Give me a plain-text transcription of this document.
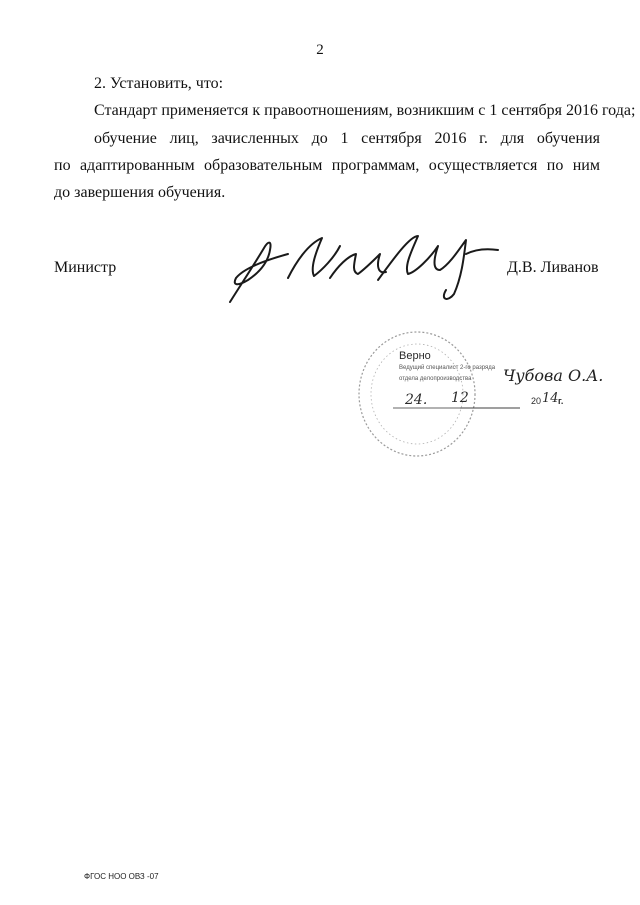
2
2. Установить, что:
Стандарт применяется к правоотношениям, возникшим с 1 сентября 2016 года;
обучение лиц, зачисленных до 1 сентября 2016 г. для обучения
по адаптированным образовательным программам, осуществляется по ним
до завершения обучения.
Министр	Д.В. Ливанов
Верно
Ведущий специалист 2-го разряда
отдела делопроизводства Чубова О.А.
24. 12	20 14 г.
ФГОС НОО ОВЗ -07
